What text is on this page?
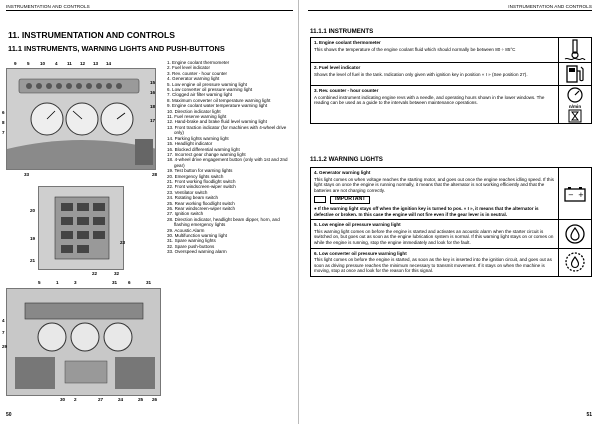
INSTRUMENTATION AND CONTROLS
11. INSTRUMENTATION AND CONTROLS
11.1 INSTRUMENTS, WARNING LIGHTS AND PUSH-BUTTONS
9 5 10 4 11 12 13 14
15
16
18
17
6
8
7
33	28
20
19
23
21
22	32
5	1	3	31 6	31
4
7
29
30 2	27	24	25 26
1. Engine coolant thermometer
2. Fuel level indicator
3. Rev. counter - hour counter
4. Generator warning light
5. Low engine oil pressure warning light
6. Low converter oil pressure warning light
7. Clogged air filter warning light
8. Maximum converter oil temperature warning light
9. Engine coolant water temperature warning light
10. Direction indicator light
11. Fuel reserve warning light
12. Hand-brake and brake fluid level warning light
13. Front traction indicator (for machines with 4-wheel drive only)
14. Parking lights warning light
15. Headlight indicator
16. Blocked differential warning light
17. Incorrect gear change warning light
18. 4-wheel drive engagement button (only with 1st and 2nd gear)
19. Test button for warning lights
20. Emergency lights switch
21. Front working floodlight switch
22. Front windscreen-wiper switch
23. Ventilator switch
24. Rotating beam switch
25. Rear working floodlight switch
26. Rear windscreen-wiper switch
27. Ignition switch
28. Direction indicator, headlight beam dipper, horn, and flashing emergency lights
29. Acoustic Alarm
30. Multifunction warning light
31. Spare warning lights
32. Spare push-buttons
33. Overspeed warning alarm
50
INSTRUMENTATION AND CONTROLS
11.1.1 INSTRUMENTS
1. Engine coolant thermometer
This shows the temperature of the engine coolant fluid which should normally be between 80 ÷ 85°C
2. Fuel level indicator
Shows the level of fuel in the tank. Indication only given with ignition key in position « I » (See position 27).
3. Rev. counter - hour counter
A combined instrument indicating engine revs with a needle, and operating hours shown in the lower windows. The reading can be used as a guide to the intervals between maintenance operations.
n/min
11.1.2 WARNING LIGHTS
4. Generator warning light
This light comes on when voltage reaches the starting motor, and goes out once the engine reaches idling speed. If this light stays on once the engine is running normally, it means that the alternator is not working efficiently and that the batteries are not charging correctly.
IMPORTANT
● If the warning light stays off when the ignition key is turned to pos. « I », it means that the alternator is defective or broken. In this case the engine will not fire even if the gear lever is in neutral.
− +
5. Low engine oil pressure warning light
This warning light comes on before the engine is started and activates an acoustic alarm when the starter circuit is switched on, but goes out as soon as the engine lubrication system is normal. If this warning light stays on or comes on while the engine is running, stop the engine immediately and look for the fault.
6. Low converter oil pressure warning light
This light comes on before the engine is started, as soon as the key is inserted into the ignition circuit, and goes out as soon as driving pressure reaches the minimum necessary to transmit movement. If it stays on when the machine is moving, stop at once and look for the reason for this signal.
51
